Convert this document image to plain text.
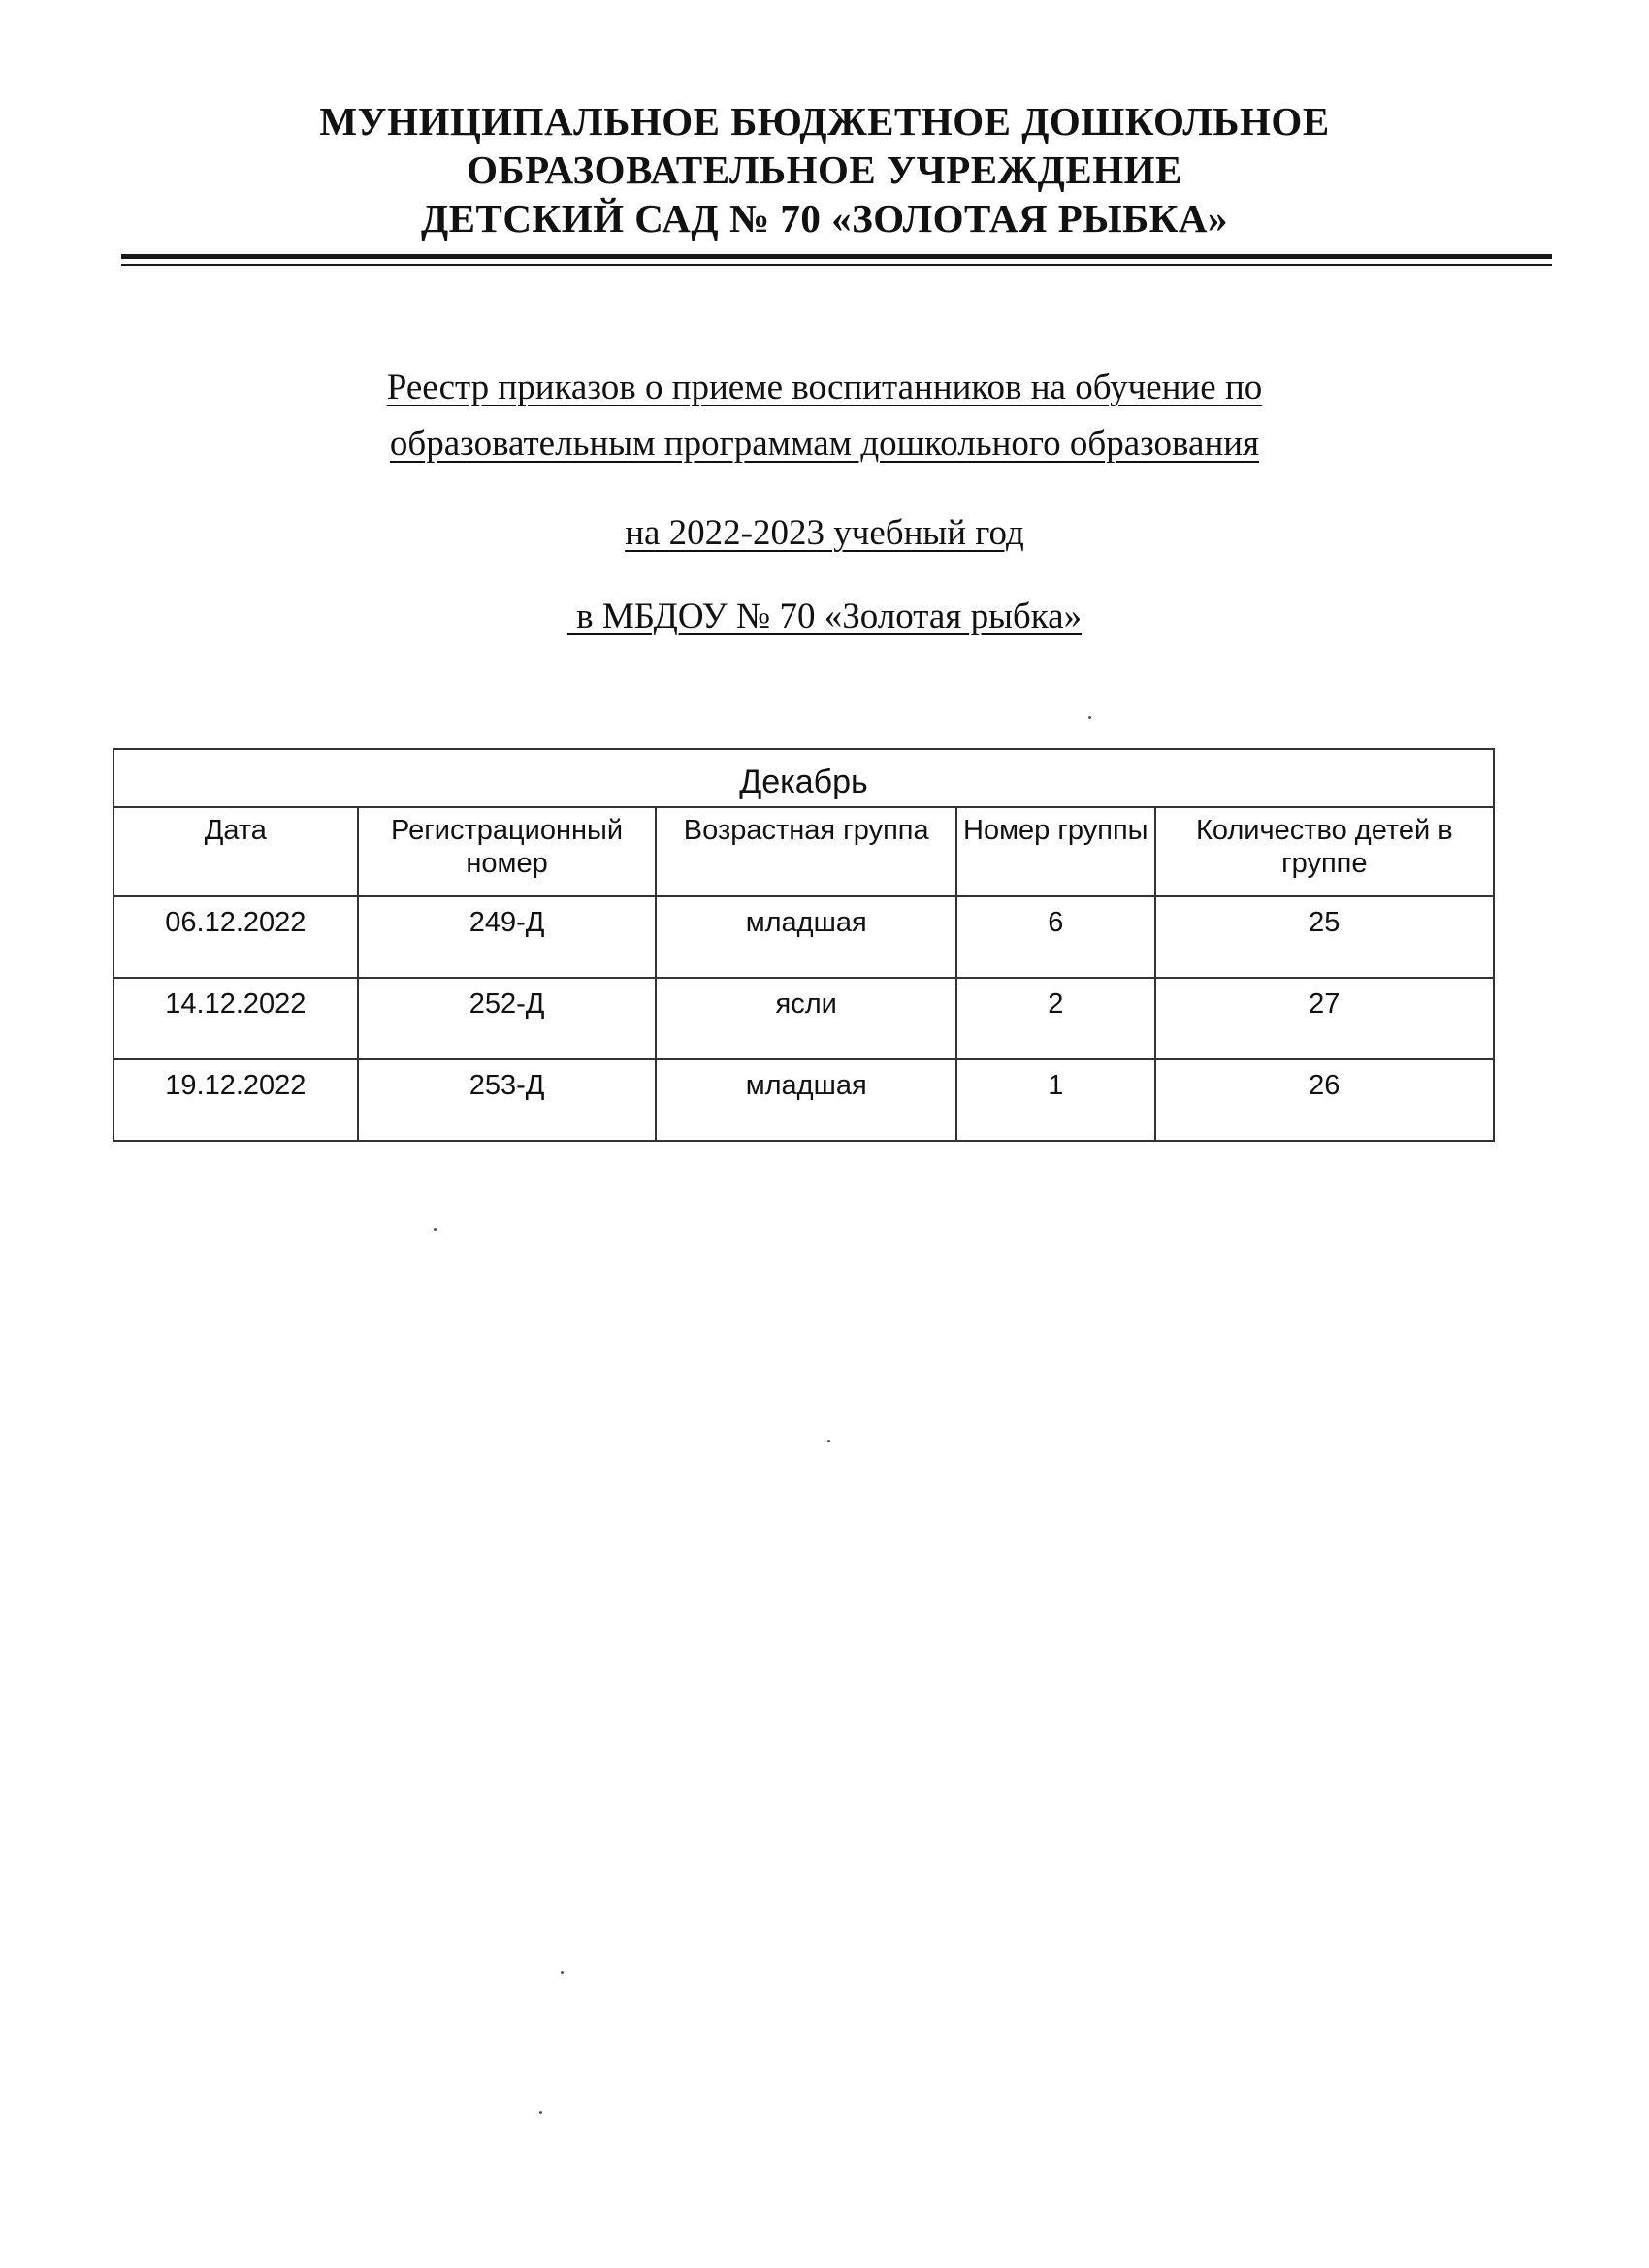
МУНИЦИПАЛЬНОЕ БЮДЖЕТНОЕ ДОШКОЛЬНОЕ
ОБРАЗОВАТЕЛЬНОЕ УЧРЕЖДЕНИЕ
ДЕТСКИЙ САД № 70 «ЗОЛОТАЯ РЫБКА»
Реестр приказов о приеме воспитанников на обучение по
образовательным программам дошкольного образования
на 2022-2023 учебный год
в МБДОУ № 70 «Золотая рыбка»
Декабрь				
Дата	Регистрационный номер	Возрастная группа	Номер группы	Количество детей в группе
06.12.2022	249-Д	младшая	6	25
14.12.2022	252-Д	ясли	2	27
19.12.2022	253-Д	младшая	1	26
